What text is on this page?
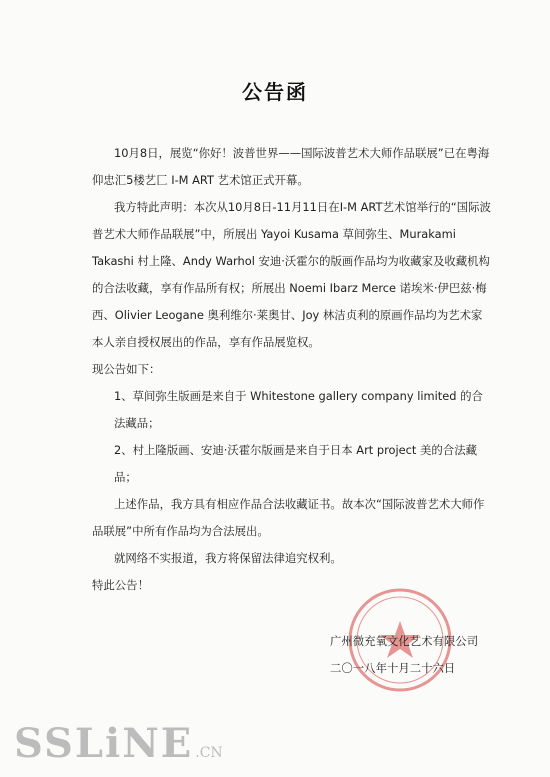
公告函

10月8日，展览“你好！波普世界——国际波普艺术大师作品联展”已在粤海仰忠汇5楼艺匚 I-M ART 艺术馆正式开幕。

我方特此声明：本次从10月8日-11月11日在I-M ART艺术馆举行的“国际波普艺术大师作品联展”中，所展出 Yayoi Kusama 草间弥生、Murakami Takashi 村上隆、Andy Warhol 安迪·沃霍尔的版画作品均为收藏家及收藏机构的合法收藏，享有作品所有权；所展出 Noemi Ibarz Merce 诺埃米·伊巴兹·梅西、Olivier Leogane 奥利维尔·莱奥甘、Joy 林洁贞利的原画作品均为艺术家本人亲自授权展出的作品，享有作品展览权。

现公告如下：

1、草间弥生版画是来自于 Whitestone gallery company limited 的合法藏品；

2、村上隆版画、安迪·沃霍尔版画是来自于日本 Art project 美的合法藏品；

上述作品，我方具有相应作品合法收藏证书。故本次“国际波普艺术大师作品联展”中所有作品均为合法展出。

就网络不实报道，我方将保留法律追究权利。

特此公告！

广州微充氧文化艺术有限公司
二〇一八年十月二十六日
SSLiNE .CN
